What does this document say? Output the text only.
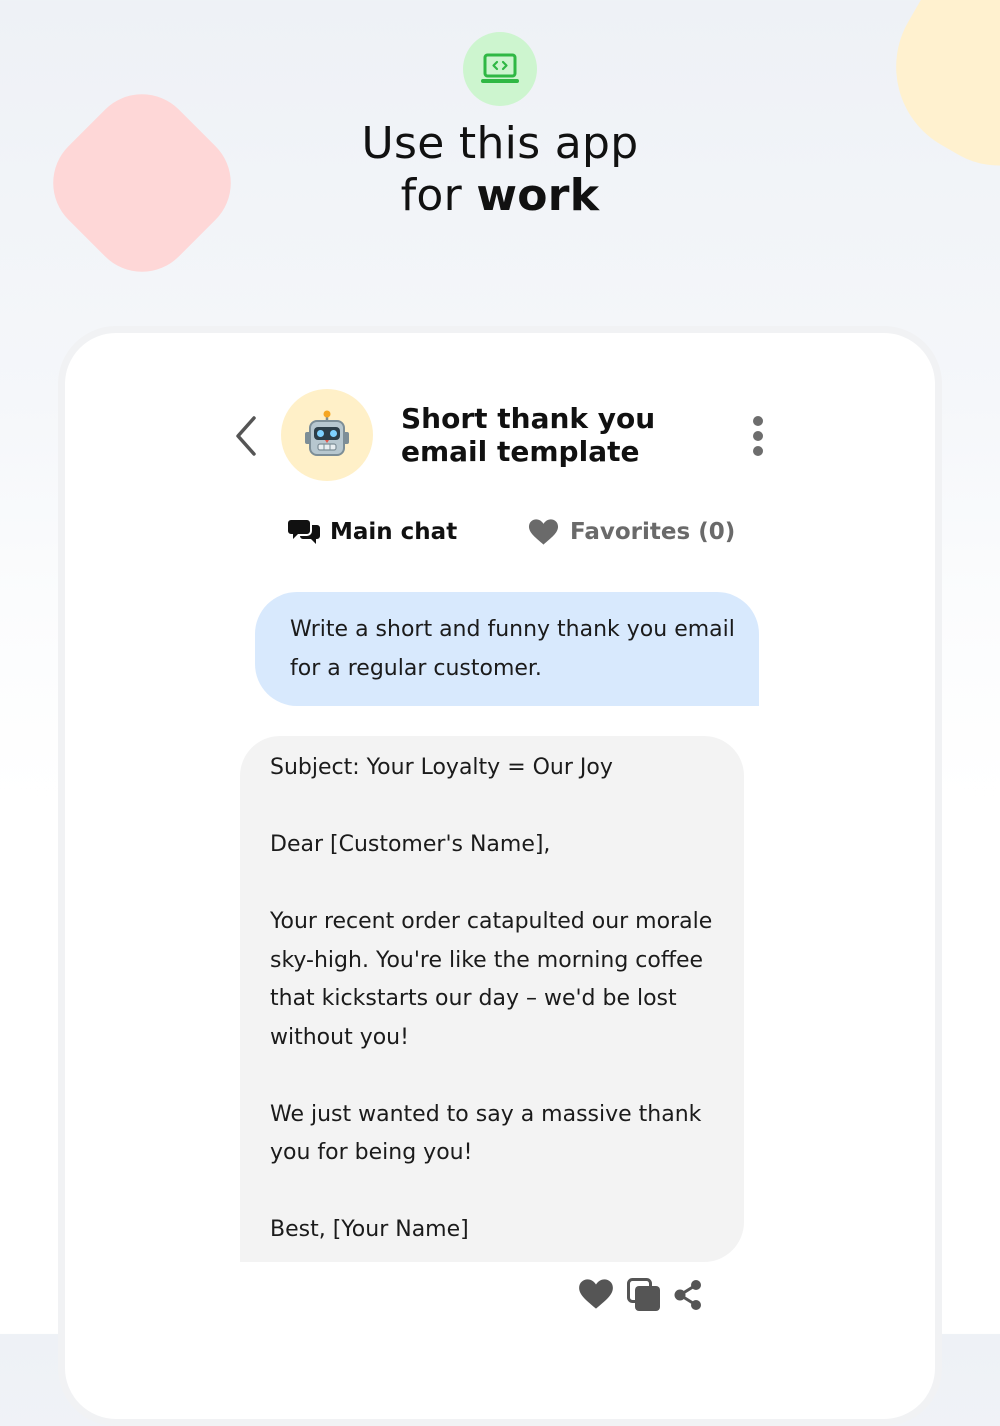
Use this app
for work
Short thank you email template
Main chat	Favorites (0)
Write a short and funny thank you email for a regular customer.

Subject: Your Loyalty = Our Joy

Dear [Customer's Name],

Your recent order catapulted our morale sky-high. You're like the morning coffee that kickstarts our day – we'd be lost without you!

We just wanted to say a massive thank you for being you!

Best, [Your Name]
